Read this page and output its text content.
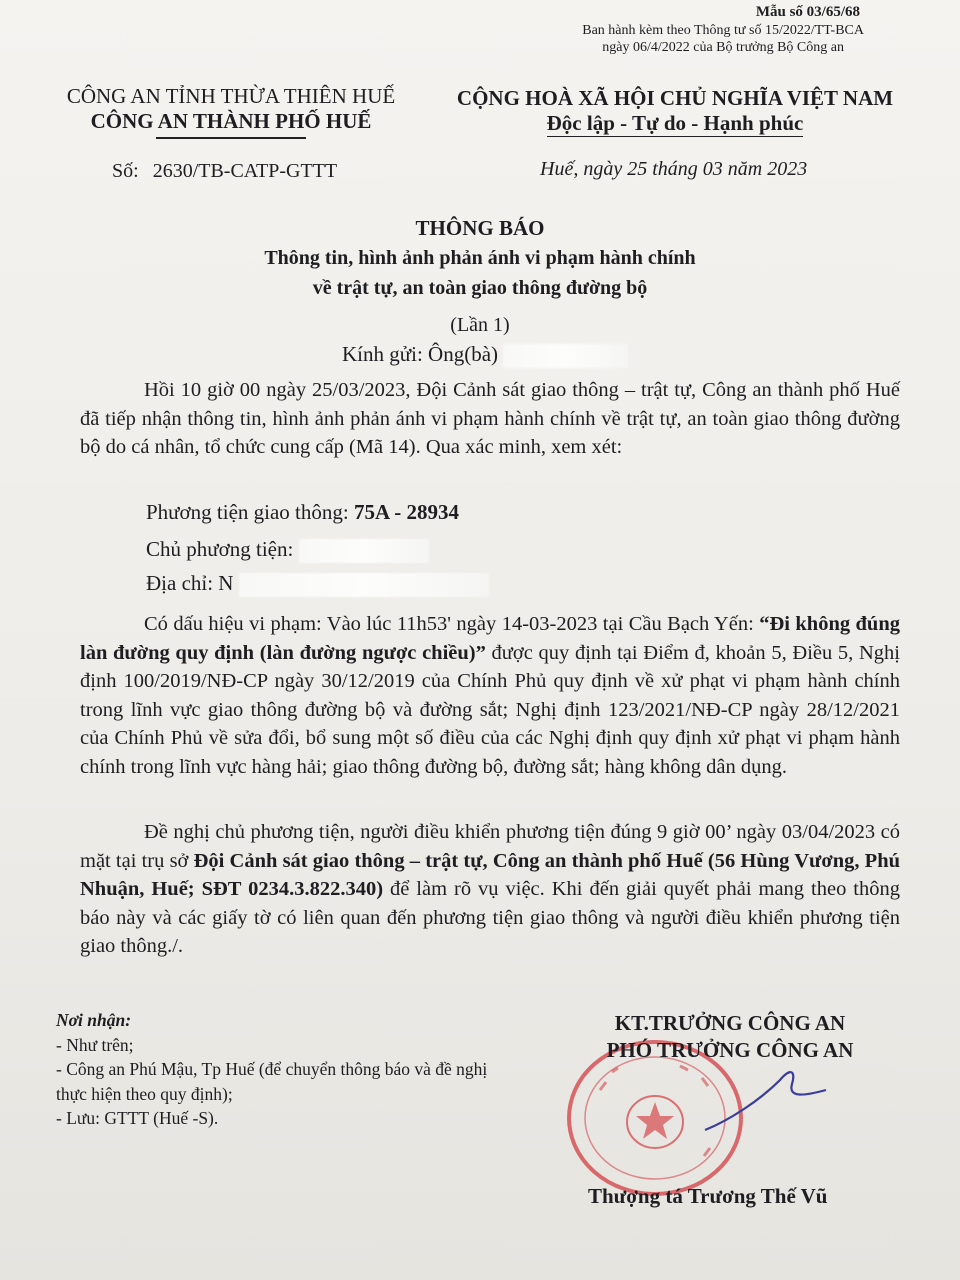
Mẫu số 03/65/68
Ban hành kèm theo Thông tư số 15/2022/TT-BCA
ngày 06/4/2022 của Bộ trưởng Bộ Công an
CÔNG AN TỈNH THỪA THIÊN HUẾ
CÔNG AN THÀNH PHỐ HUẾ
CỘNG HOÀ XÃ HỘI CHỦ NGHĨA VIỆT NAM
Độc lập - Tự do - Hạnh phúc
Số: 2630/TB-CATP-GTTT	Huế, ngày 25 tháng 03 năm 2023
THÔNG BÁO
Thông tin, hình ảnh phản ánh vi phạm hành chính
về trật tự, an toàn giao thông đường bộ
(Lần 1)
Kính gửi: Ông(bà)
Hồi 10 giờ 00 ngày 25/03/2023, Đội Cảnh sát giao thông – trật tự, Công an thành phố Huế đã tiếp nhận thông tin, hình ảnh phản ánh vi phạm hành chính về trật tự, an toàn giao thông đường bộ do cá nhân, tổ chức cung cấp (Mã 14). Qua xác minh, xem xét:
Phương tiện giao thông: 75A - 28934
Chủ phương tiện:
Địa chỉ: N
Có dấu hiệu vi phạm: Vào lúc 11h53' ngày 14-03-2023 tại Cầu Bạch Yến: “Đi không đúng làn đường quy định (làn đường ngược chiều)” được quy định tại Điểm đ, khoản 5, Điều 5, Nghị định 100/2019/NĐ-CP ngày 30/12/2019 của Chính Phủ quy định về xử phạt vi phạm hành chính trong lĩnh vực giao thông đường bộ và đường sắt; Nghị định 123/2021/NĐ-CP ngày 28/12/2021 của Chính Phủ về sửa đổi, bổ sung một số điều của các Nghị định quy định xử phạt vi phạm hành chính trong lĩnh vực hàng hải; giao thông đường bộ, đường sắt; hàng không dân dụng.
Đề nghị chủ phương tiện, người điều khiển phương tiện đúng 9 giờ 00’ ngày 03/04/2023 có mặt tại trụ sở Đội Cảnh sát giao thông – trật tự, Công an thành phố Huế (56 Hùng Vương, Phú Nhuận, Huế; SĐT 0234.3.822.340) để làm rõ vụ việc. Khi đến giải quyết phải mang theo thông báo này và các giấy tờ có liên quan đến phương tiện giao thông và người điều khiển phương tiện giao thông./.
Nơi nhận:
- Như trên;
- Công an Phú Mậu, Tp Huế (để chuyển thông báo và đề nghị thực hiện theo quy định);
- Lưu: GTTT (Huế -S).
KT.TRƯỞNG CÔNG AN
PHÓ TRƯỞNG CÔNG AN
Thượng tá Trương Thế Vũ
